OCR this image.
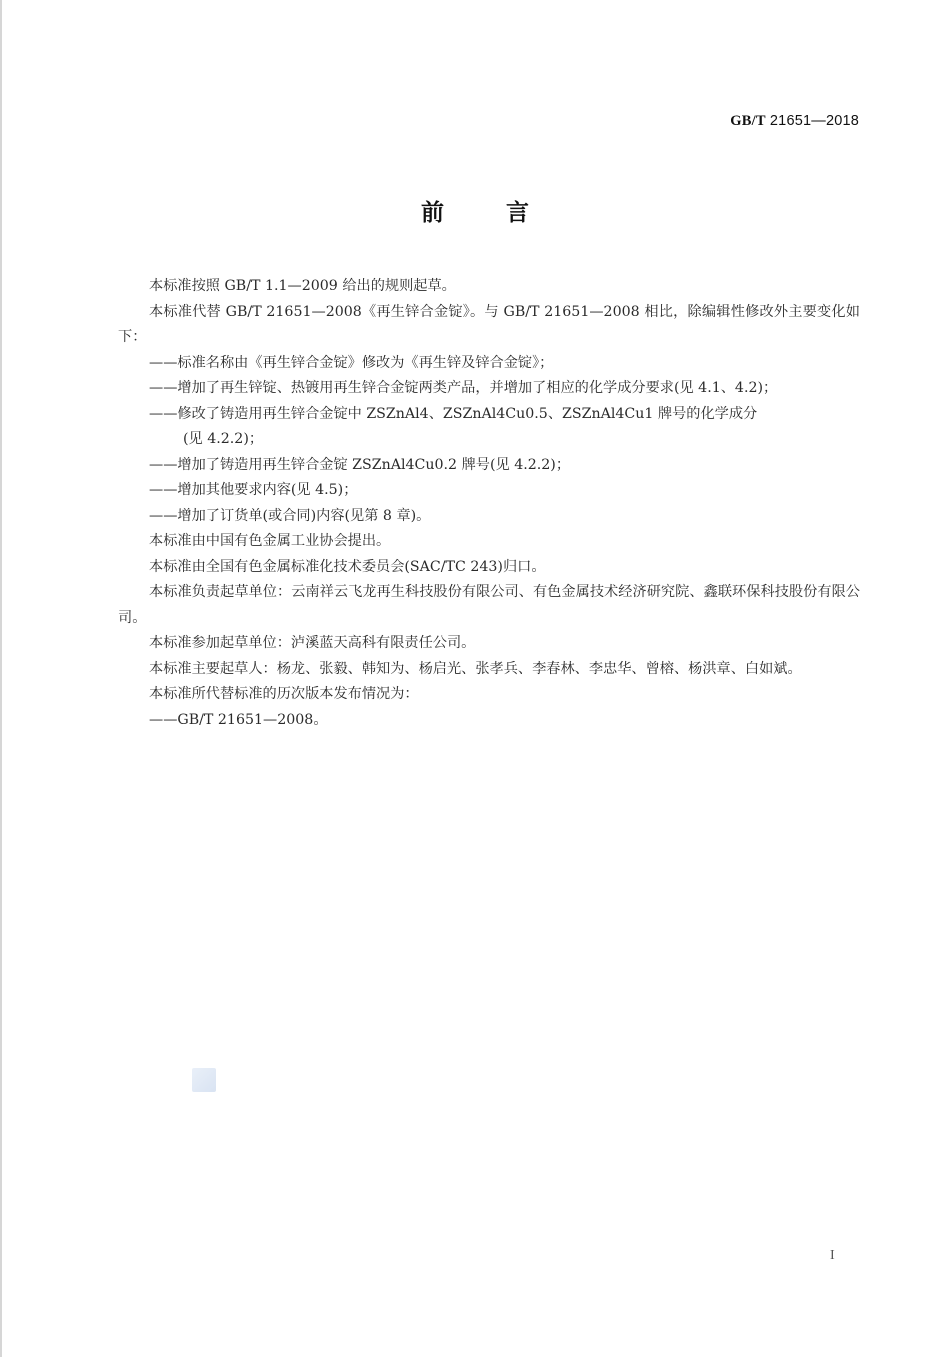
GB/T 21651—2018
前言

本标准按照 GB/T 1.1—2009 给出的规则起草。

本标准代替 GB/T 21651—2008《再生锌合金锭》。与 GB/T 21651—2008 相比，除编辑性修改外主要变化如下：

——标准名称由《再生锌合金锭》修改为《再生锌及锌合金锭》；

——增加了再生锌锭、热镀用再生锌合金锭两类产品，并增加了相应的化学成分要求(见 4.1、4.2)；

——修改了铸造用再生锌合金锭中 ZSZnAl4、ZSZnAl4Cu0.5、ZSZnAl4Cu1 牌号的化学成分
(见 4.2.2)；

——增加了铸造用再生锌合金锭 ZSZnAl4Cu0.2 牌号(见 4.2.2)；

——增加其他要求内容(见 4.5)；

——增加了订货单(或合同)内容(见第 8 章)。

本标准由中国有色金属工业协会提出。

本标准由全国有色金属标准化技术委员会(SAC/TC 243)归口。

本标准负责起草单位：云南祥云飞龙再生科技股份有限公司、有色金属技术经济研究院、鑫联环保科技股份有限公司。

本标准参加起草单位：泸溪蓝天高科有限责任公司。

本标准主要起草人：杨龙、张毅、韩知为、杨启光、张孝兵、李春林、李忠华、曾榕、杨洪章、白如斌。

本标准所代替标准的历次版本发布情况为：

——GB/T 21651—2008。

I
